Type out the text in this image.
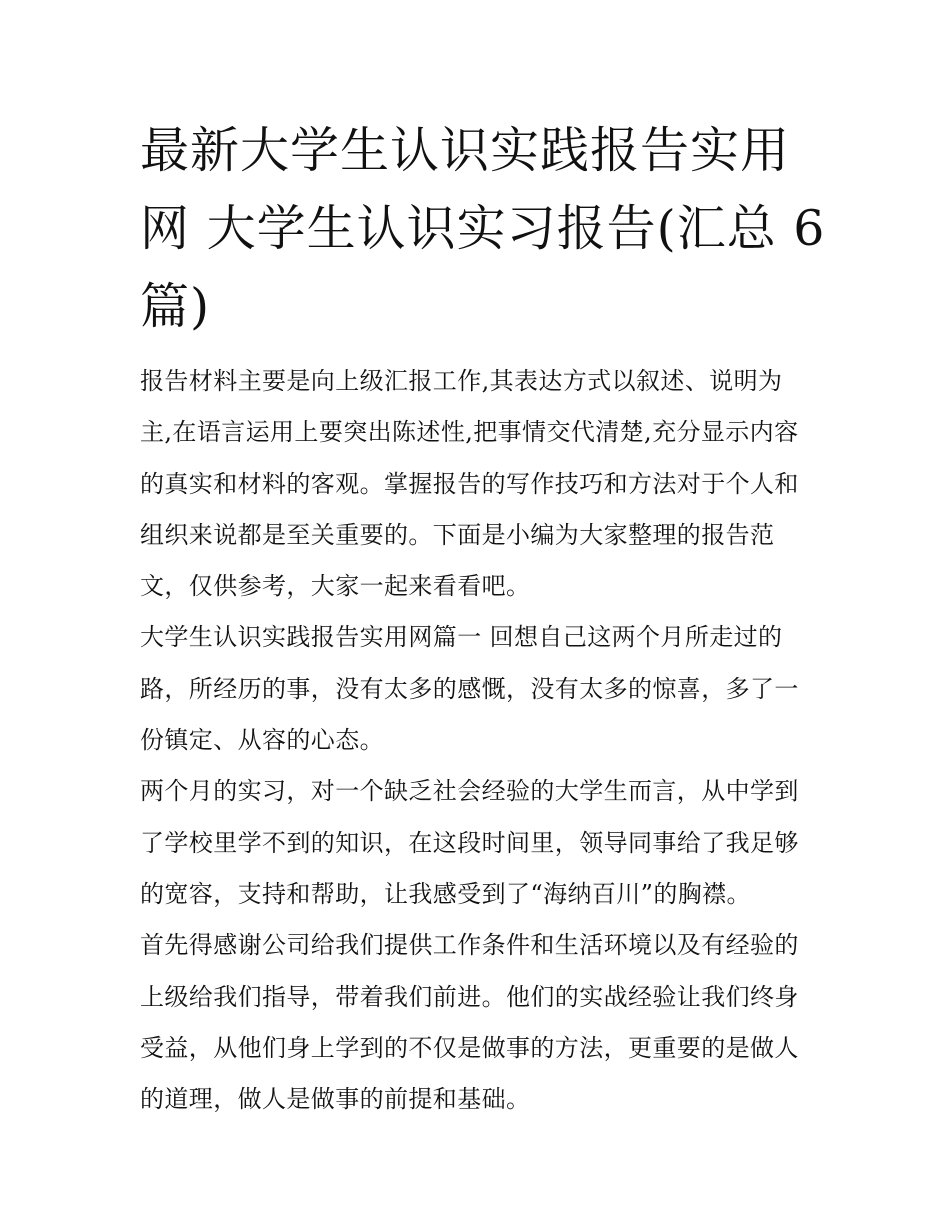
最新大学生认识实践报告实用
网 大学生认识实习报告(汇总 6
篇)

报告材料主要是向上级汇报工作,其表达方式以叙述、说明为
主,在语言运用上要突出陈述性,把事情交代清楚,充分显示内容
的真实和材料的客观。掌握报告的写作技巧和方法对于个人和
组织来说都是至关重要的。下面是小编为大家整理的报告范
文，仅供参考，大家一起来看看吧。

大学生认识实践报告实用网篇一 回想自己这两个月所走过的
路，所经历的事，没有太多的感慨，没有太多的惊喜，多了一
份镇定、从容的心态。

两个月的实习，对一个缺乏社会经验的大学生而言，从中学到
了学校里学不到的知识，在这段时间里，领导同事给了我足够
的宽容，支持和帮助，让我感受到了“海纳百川”的胸襟。

首先得感谢公司给我们提供工作条件和生活环境以及有经验的
上级给我们指导，带着我们前进。他们的实战经验让我们终身
受益，从他们身上学到的不仅是做事的方法，更重要的是做人
的道理，做人是做事的前提和基础。
